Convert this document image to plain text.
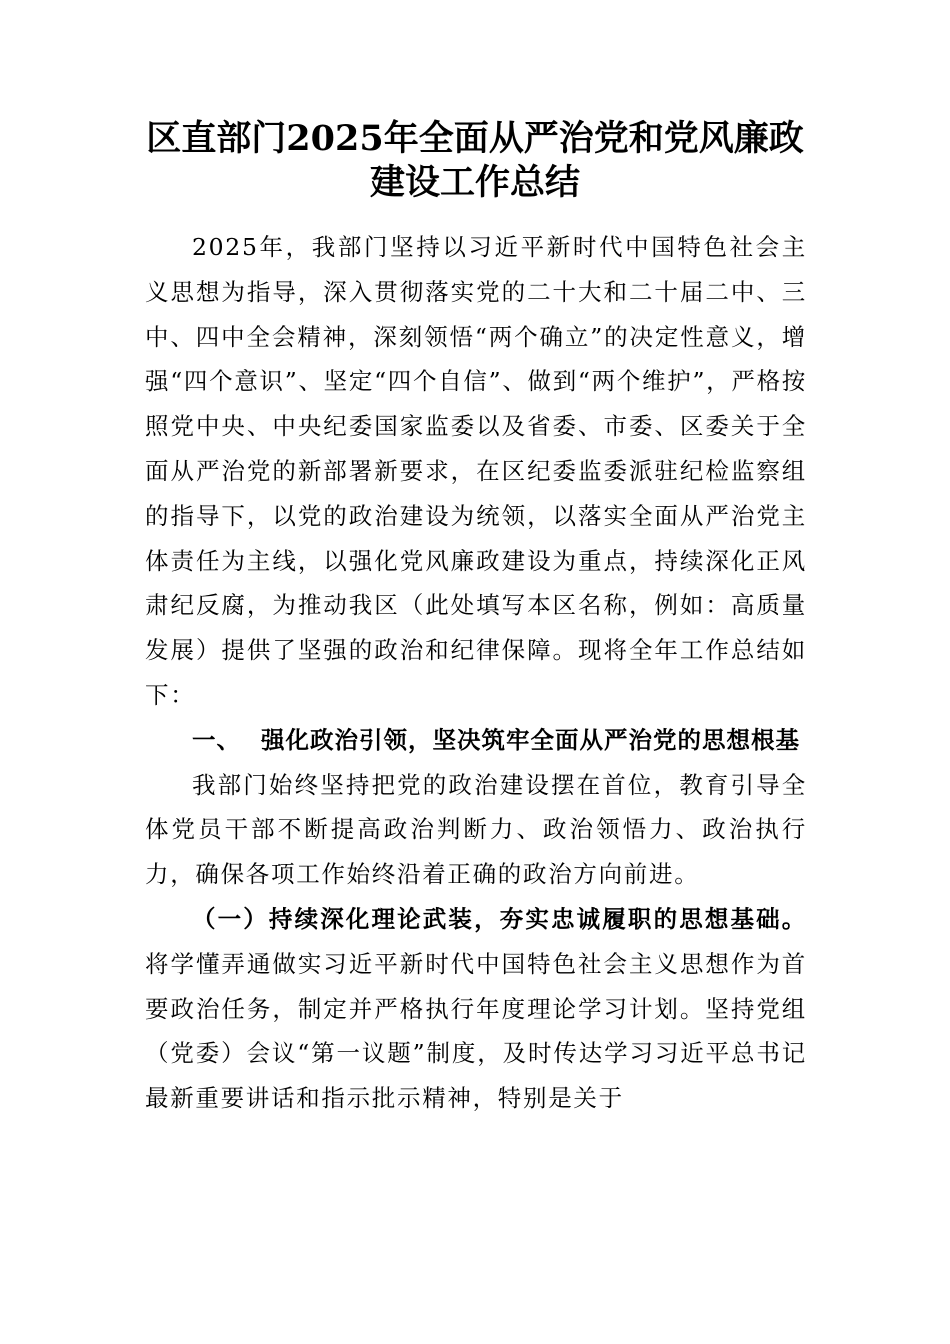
区直部门2025年全面从严治党和党风廉政
建设工作总结

2025年，我部门坚持以习近平新时代中国特色社会主义思想为指导，深入贯彻落实党的二十大和二十届二中、三中、四中全会精神，深刻领悟“两个确立”的决定性意义，增强“四个意识”、坚定“四个自信”、做到“两个维护”，严格按照党中央、中央纪委国家监委以及省委、市委、区委关于全面从严治党的新部署新要求，在区纪委监委派驻纪检监察组的指导下，以党的政治建设为统领，以落实全面从严治党主体责任为主线，以强化党风廉政建设为重点，持续深化正风肃纪反腐，为推动我区（此处填写本区名称，例如：高质量发展）提供了坚强的政治和纪律保障。现将全年工作总结如下：

一、 强化政治引领，坚决筑牢全面从严治党的思想根基

我部门始终坚持把党的政治建设摆在首位，教育引导全体党员干部不断提高政治判断力、政治领悟力、政治执行力，确保各项工作始终沿着正确的政治方向前进。

（一）持续深化理论武装，夯实忠诚履职的思想基础。 将学懂弄通做实习近平新时代中国特色社会主义思想作为首要政治任务，制定并严格执行年度理论学习计划。坚持党组（党委）会议“第一议题”制度，及时传达学习习近平总书记最新重要讲话和指示批示精神，特别是关于
